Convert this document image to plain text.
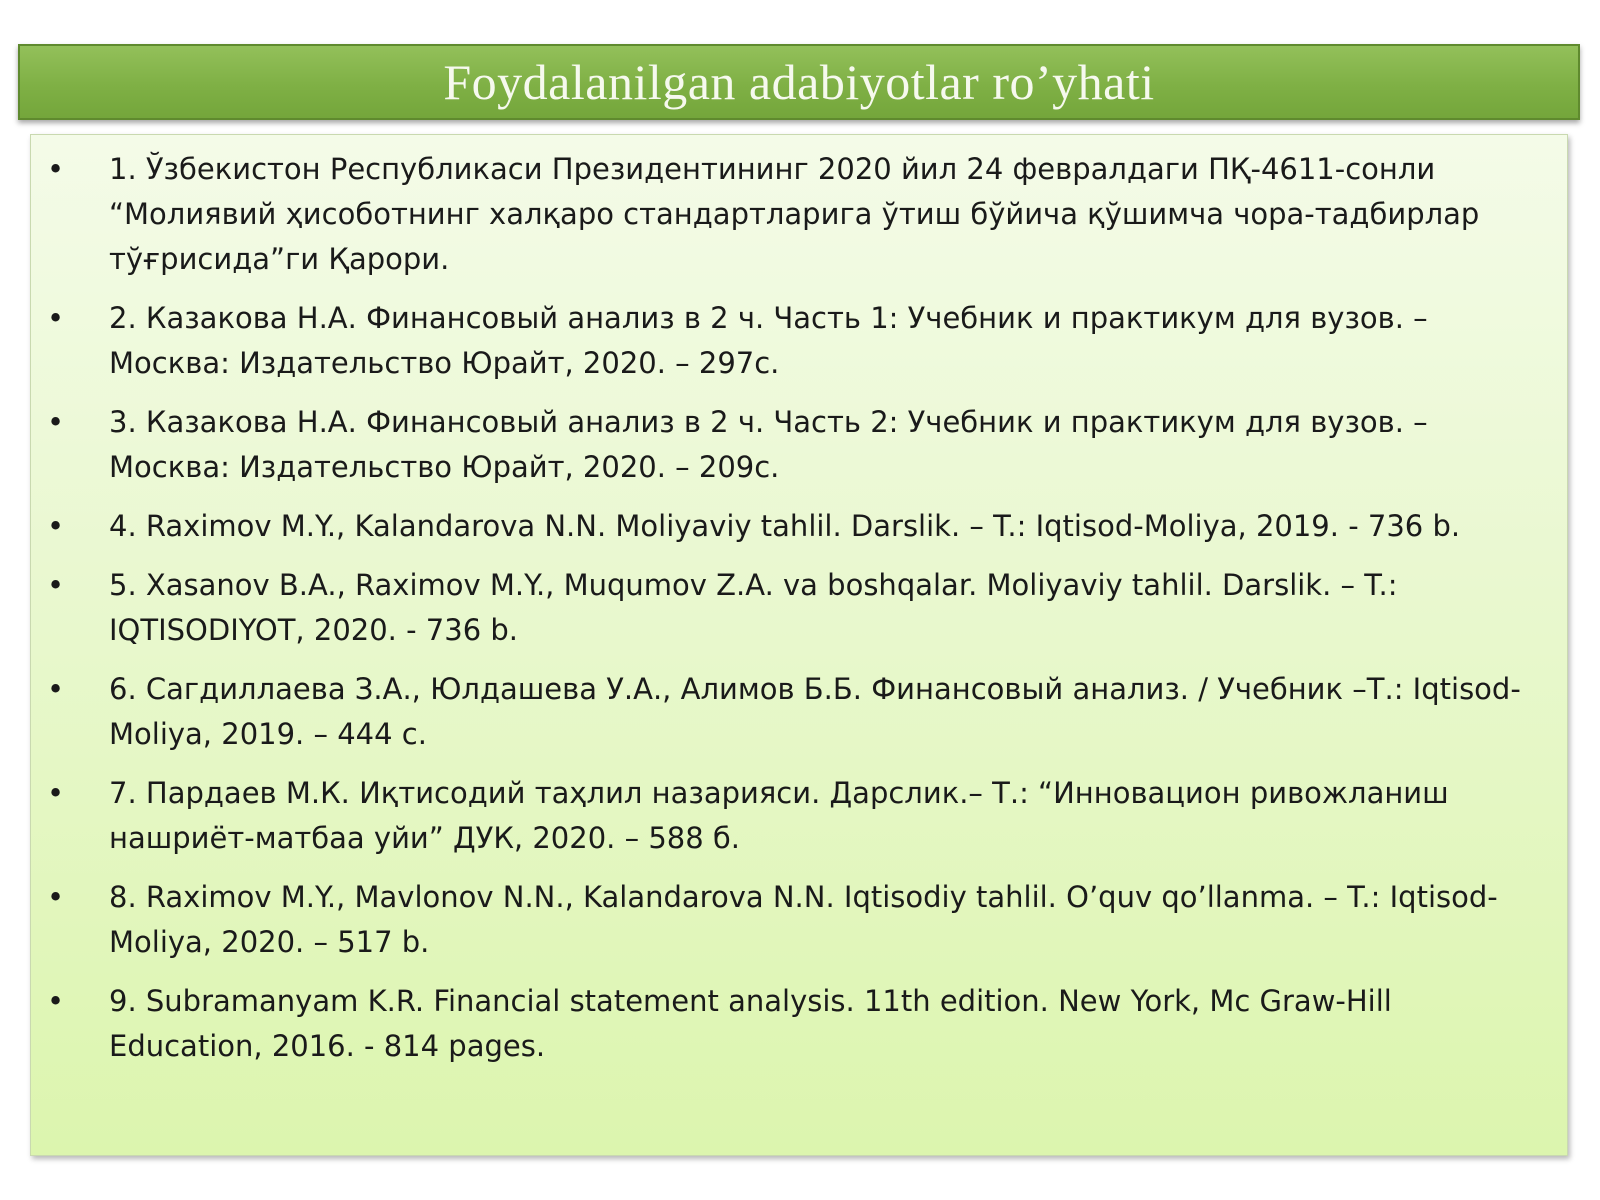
Foydalanilgan adabiyotlar ro’yhati
• 1. Ўзбекистон Республикаси Президентининг 2020 йил 24 февралдаги ПҚ-4611-сонли “Молиявий ҳисоботнинг халқаро стандартларига ўтиш бўйича қўшимча чора-тадбирлар тўғрисида”ги Қарори.
• 2. Казакова Н.А. Финансовый анализ в 2 ч. Часть 1: Учебник и практикум для вузов. – Москва: Издательство Юрайт, 2020. – 297с.
• 3. Казакова Н.А. Финансовый анализ в 2 ч. Часть 2: Учебник и практикум для вузов. – Москва: Издательство Юрайт, 2020. – 209с.
• 4. Raximov M.Y., Kalandarova N.N. Moliyaviy tahlil. Darslik. – T.: Iqtisod-Moliya, 2019. - 736 b.
• 5. Xasanov B.A., Raximov M.Y., Muqumov Z.A. va boshqalar. Moliyaviy tahlil. Darslik. – T.: IQTISODIYOT, 2020. - 736 b.
• 6. Сагдиллаева З.А., Юлдашева У.А., Алимов Б.Б. Финансовый анализ. / Учебник –Т.: Iqtisod-Moliya, 2019. – 444 с.
• 7. Пардаев М.К. Иқтисодий таҳлил назарияси. Дарслик.– Т.: “Инновацион ривожланиш нашриёт-матбаа уйи” ДУК, 2020. – 588 б.
• 8. Raximov M.Y., Mavlonov N.N., Kalandarova N.N. Iqtisodiy tahlil. O’quv qo’llanma. – T.: Iqtisod-Moliya, 2020. – 517 b.
• 9. Subramanyam K.R. Financial statement analysis. 11th edition. New York, Mc Graw-Hill Education, 2016. - 814 pages.
